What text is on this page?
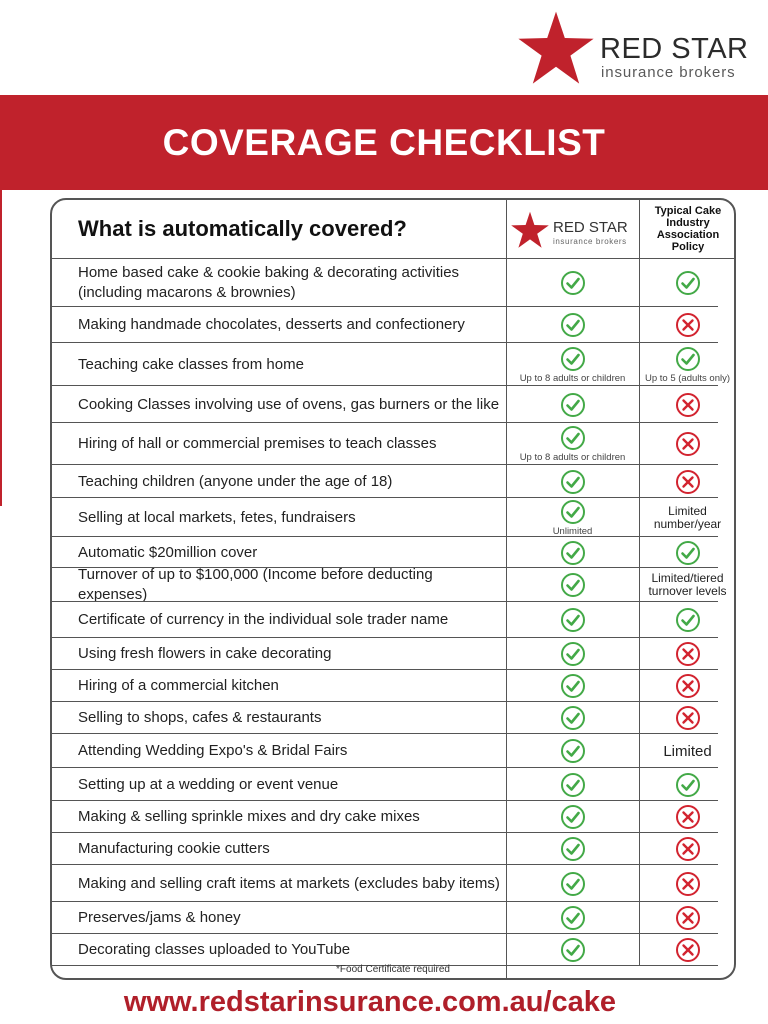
RED STAR
insurance brokers
COVERAGE CHECKLIST
What is automatically covered?	RED STAR
insurance brokers
Typical Cake Industry Association Policy
Home based cake & cookie baking & decorating activities (including macarons & brownies)
Making handmade chocolates, desserts and confectionery
Teaching cake classes from home
Up to 8 adults or children Up to 5 (adults only)
Cooking Classes involving use of ovens, gas burners or the like
Hiring of hall or commercial premises to teach classes
Up to 8 adults or children
Teaching children (anyone under the age of 18)
Selling at local markets, fetes, fundraisers
Unlimited
Limited number/year
Automatic $20million cover
Turnover of up to $100,000 (Income before deducting expenses)
Limited/tiered turnover levels
Certificate of currency in the individual sole trader name
Using fresh flowers in cake decorating
Hiring of a commercial kitchen
Selling to shops, cafes & restaurants
Attending Wedding Expo's & Bridal Fairs	Limited
Setting up at a wedding or event venue
Making & selling sprinkle mixes and dry cake mixes
Manufacturing cookie cutters
Making and selling craft items at markets (excludes baby items)
Preserves/jams & honey
Decorating classes uploaded to YouTube
*Food Certificate required
www.redstarinsurance.com.au/cake
